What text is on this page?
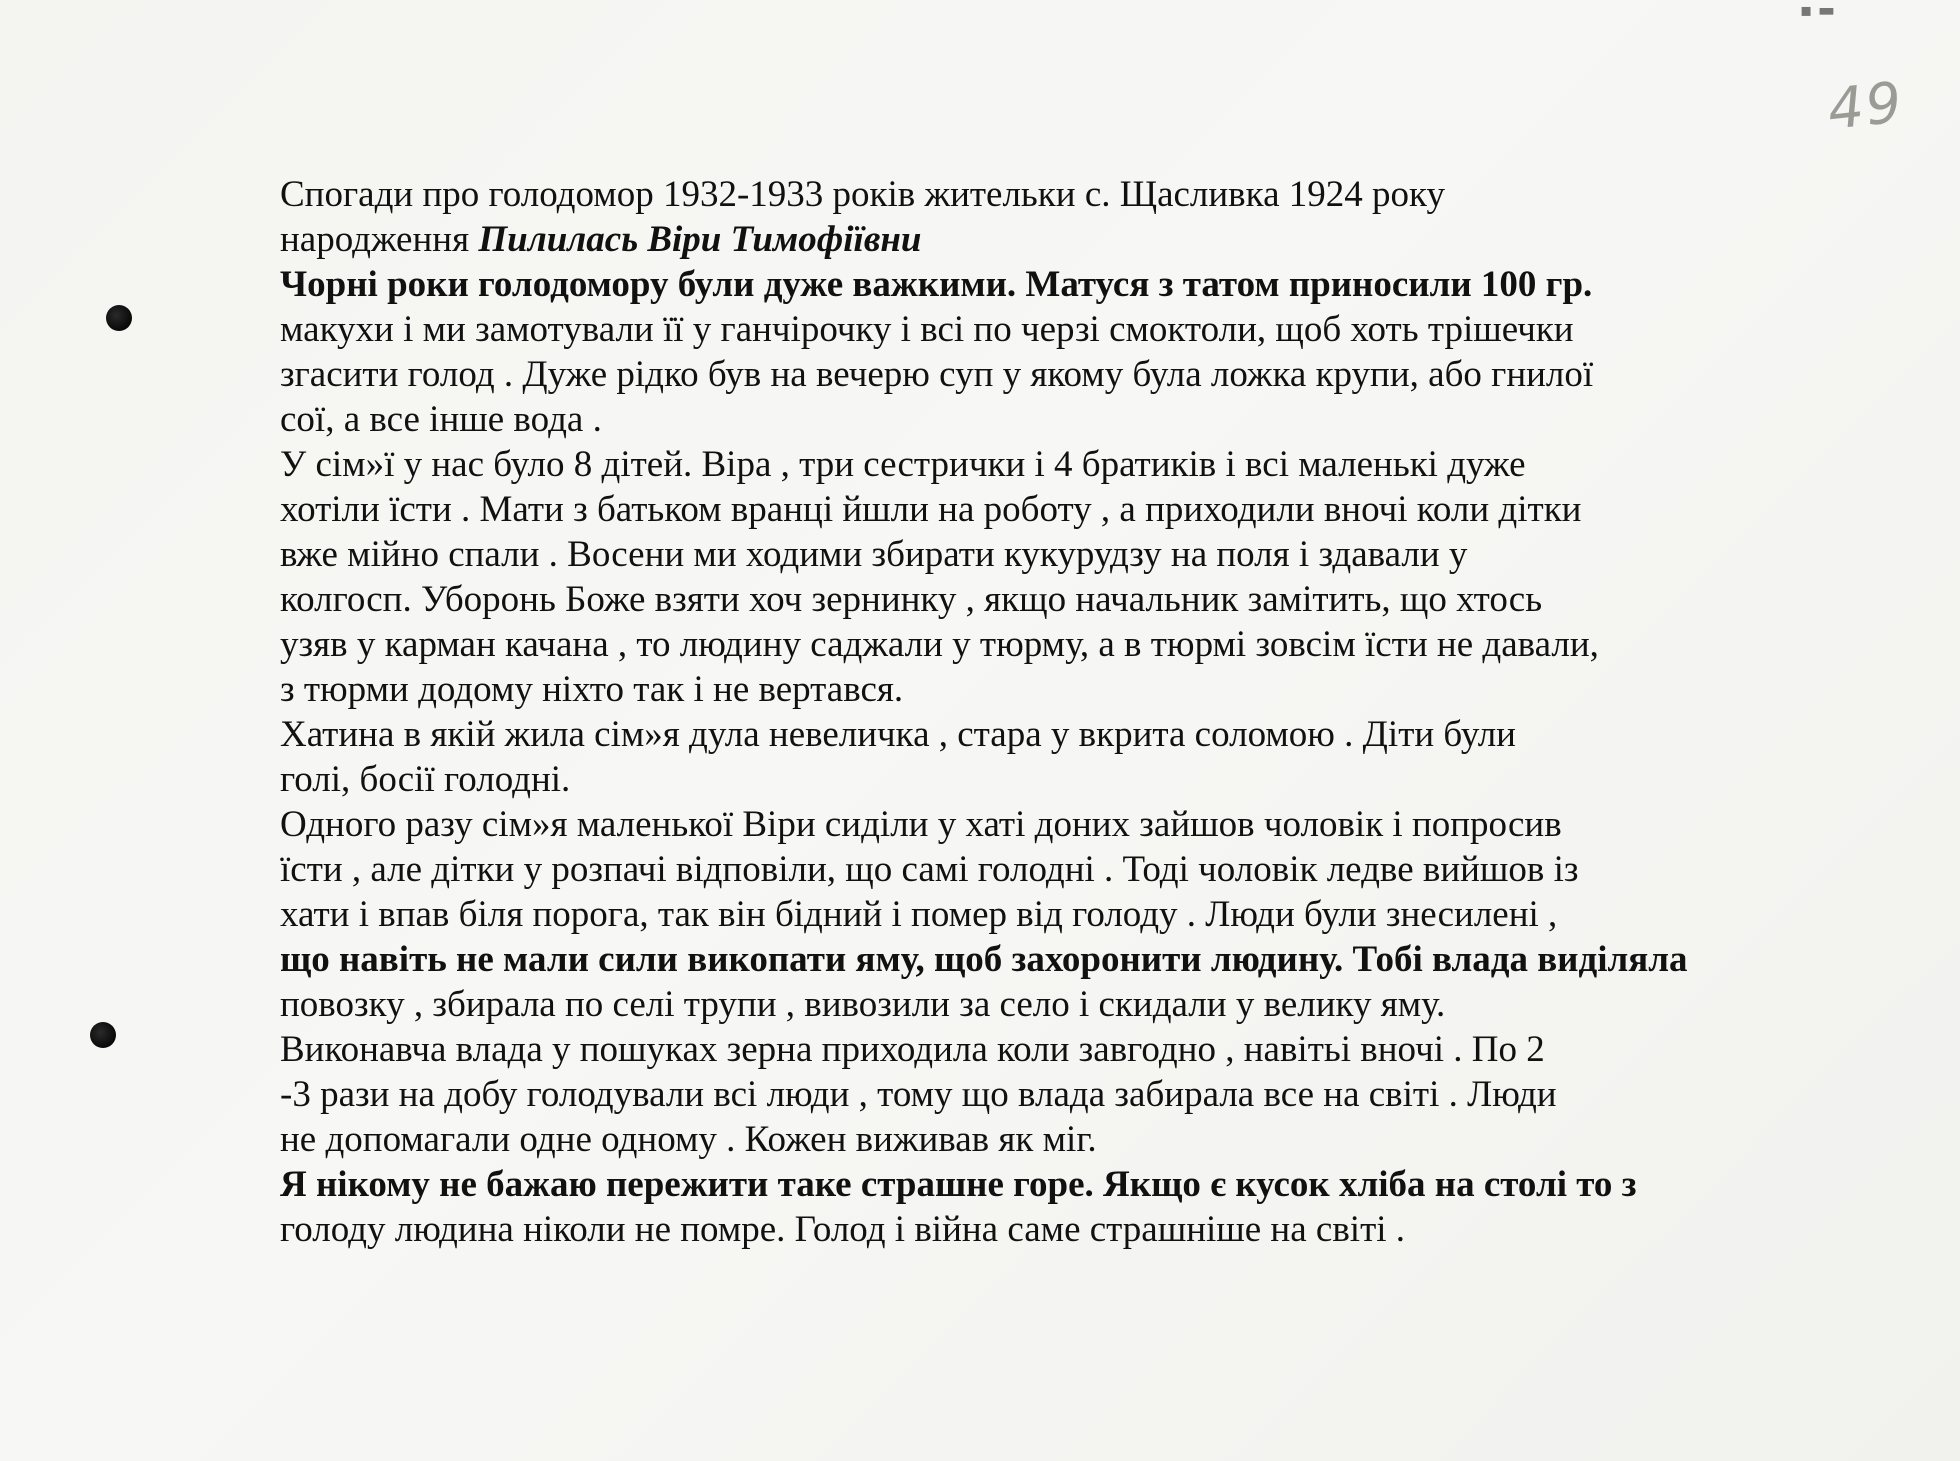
▪ ▬
49
Спогади про голодомор 1932-1933 років жительки с. Щасливка 1924 року
народження Пилилась Віри Тимофіївни
Чорні роки голодомору були дуже важкими. Матуся з татом приносили 100 гр.
макухи і ми замотували її у ганчірочку і всі по черзі смоктоли, щоб хоть трішечки
згасити голод . Дуже рідко був на вечерю суп у якому була ложка крупи, або гнилої
сої, а все інше вода .
У сім»ї у нас було 8 дітей. Віра , три сестрички і 4 братиків і всі маленькі дуже
хотіли їсти . Мати з батьком вранці йшли на роботу , а приходили вночі коли дітки
вже мійно спали . Восени ми ходими збирати кукурудзу на поля і здавали у
колгосп. Уборонь Боже взяти хоч зернинку , якщо начальник замітить, що хтось
узяв у карман качана , то людину саджали у тюрму, а в тюрмі зовсім їсти не давали,
з тюрми додому ніхто так і не вертався.
Хатина в якій жила сім»я дула невеличка , стара у вкрита соломою . Діти були
голі, босії голодні.
Одного разу сім»я маленької Віри сиділи у хаті доних зайшов чоловік і попросив
їсти , але дітки у розпачі відповіли, що самі голодні . Тоді чоловік ледве вийшов із
хати і впав біля порога, так він бідний і помер від голоду . Люди були знесилені ,
що навіть не мали сили викопати яму, щоб захоронити людину. Тобі влада виділяла
повозку , збирала по селі трупи , вивозили за село і скидали у велику яму.
Виконавча влада у пошуках зерна приходила коли завгодно , навітьі вночі . По 2
-3 рази на добу голодували всі люди , тому що влада забирала все на світі . Люди
не допомагали одне одному . Кожен виживав як міг.
Я нікому не бажаю пережити таке страшне горе. Якщо є кусок хліба на столі то з
голоду людина ніколи не помре. Голод і війна саме страшніше на світі .
